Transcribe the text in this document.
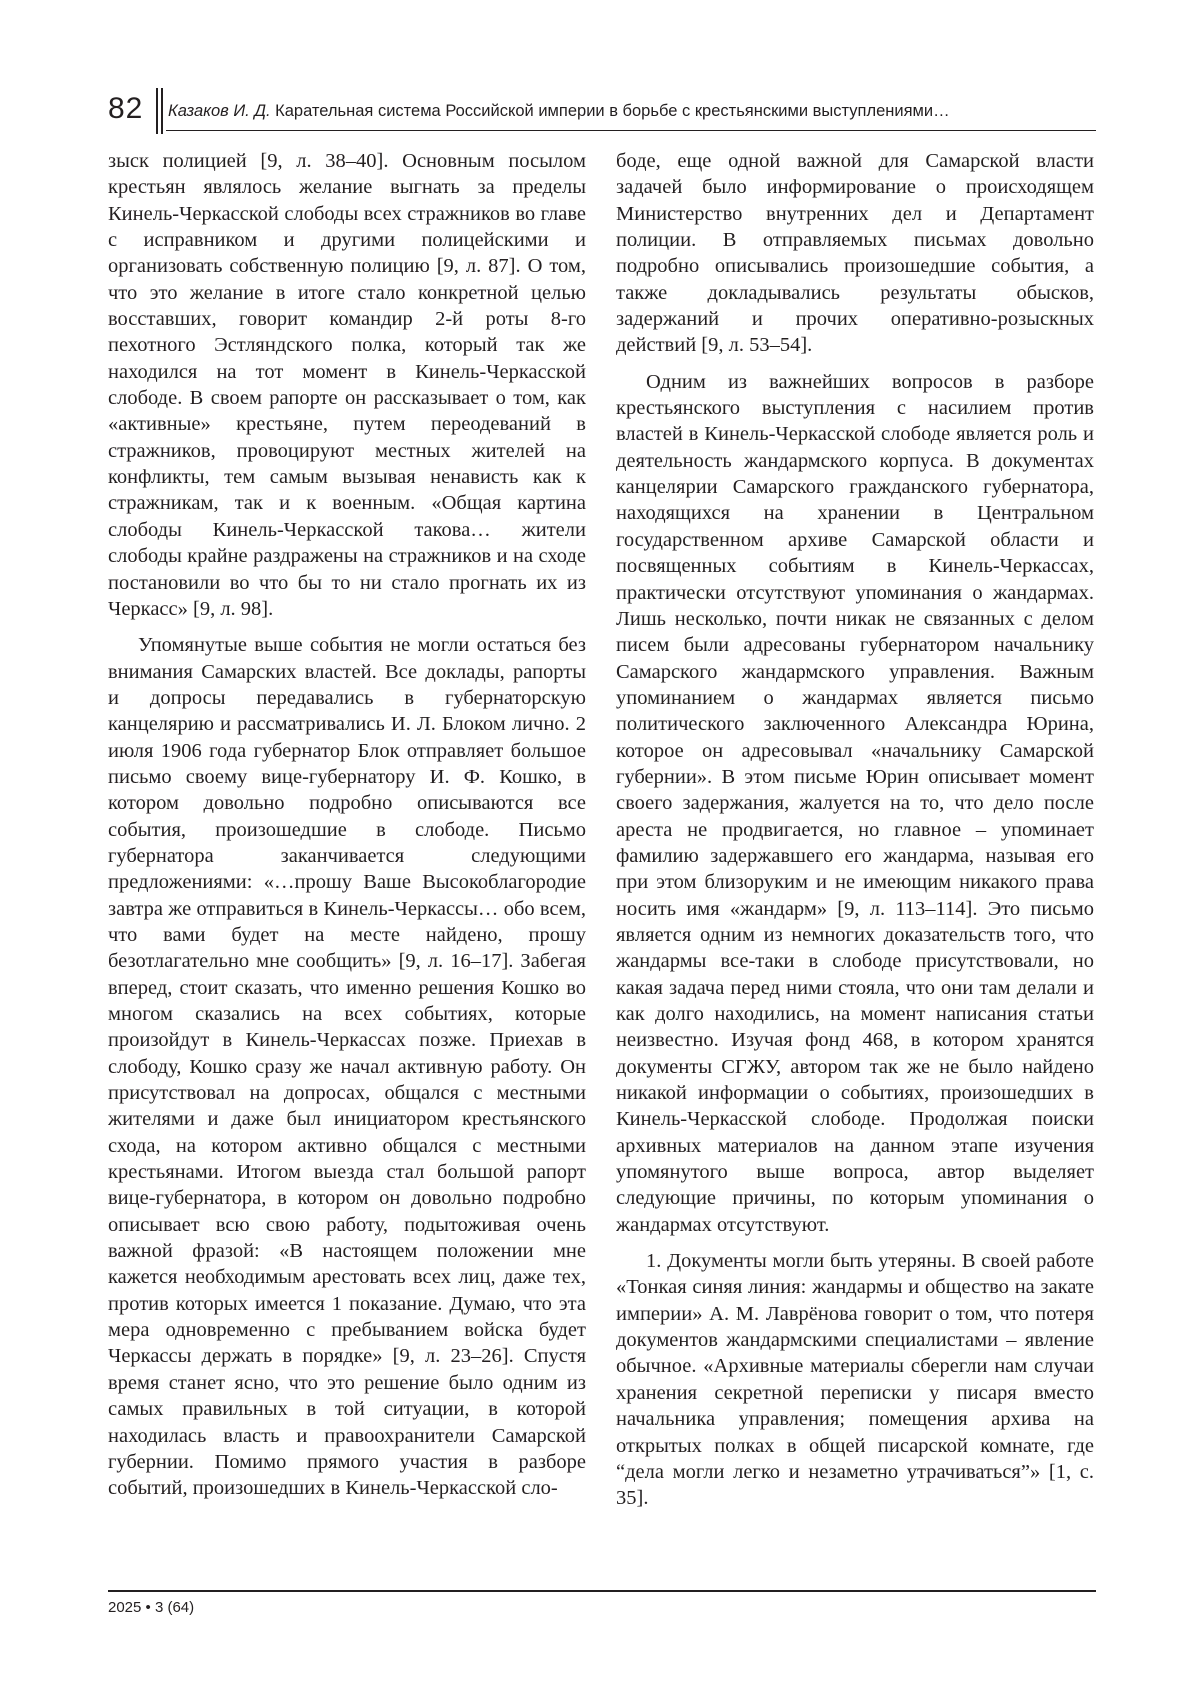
82 Казаков И. Д. Карательная система Российской империи в борьбе с крестьянскими выступлениями…

зыск полицией [9, л. 38–40]. Основным посылом крестьян являлось желание выгнать за пределы Кинель-Черкасской слободы всех стражников во главе с исправником и другими полицейскими и организовать собственную полицию [9, л. 87]. О том, что это желание в итоге стало конкретной целью восставших, говорит командир 2-й роты 8-го пехотного Эстляндского полка, который так же находился на тот момент в Кинель-Черкасской слободе. В своем рапорте он рассказывает о том, как «активные» крестьяне, путем переодеваний в стражников, провоцируют местных жителей на конфликты, тем самым вызывая ненависть как к стражникам, так и к военным. «Общая картина слободы Кинель-Черкасской такова… жители слободы крайне раздражены на стражников и на сходе постановили во что бы то ни стало прогнать их из Черкасс» [9, л. 98].

Упомянутые выше события не могли остаться без внимания Самарских властей. Все доклады, рапорты и допросы передавались в губернаторскую канцелярию и рассматривались И. Л. Блоком лично. 2 июля 1906 года губернатор Блок отправляет большое письмо своему вице-губернатору И. Ф. Кошко, в котором довольно подробно описываются все события, произошедшие в слободе. Письмо губернатора заканчивается следующими предложениями: «…прошу Ваше Высокоблагородие завтра же отправиться в Кинель-Черкассы… обо всем, что вами будет на месте найдено, прошу безотлагательно мне сообщить» [9, л. 16–17]. Забегая вперед, стоит сказать, что именно решения Кошко во многом сказались на всех событиях, которые произойдут в Кинель-Черкассах позже. Приехав в слободу, Кошко сразу же начал активную работу. Он присутствовал на допросах, общался с местными жителями и даже был инициатором крестьянского схода, на котором активно общался с местными крестьянами. Итогом выезда стал большой рапорт вице-губернатора, в котором он довольно подробно описывает всю свою работу, подытоживая очень важной фразой: «В настоящем положении мне кажется необходимым арестовать всех лиц, даже тех, против которых имеется 1 показание. Думаю, что эта мера одновременно с пребыванием войска будет Черкассы держать в порядке» [9, л. 23–26]. Спустя время станет ясно, что это решение было одним из самых правильных в той ситуации, в которой находилась власть и правоохранители Самарской губернии. Помимо прямого участия в разборе событий, произошедших в Кинель-Черкасской сло-

боде, еще одной важной для Самарской власти задачей было информирование о происходящем Министерство внутренних дел и Департамент полиции. В отправляемых письмах довольно подробно описывались произошедшие события, а также докладывались результаты обысков, задержаний и прочих оперативно-розыскных действий [9, л. 53–54].

Одним из важнейших вопросов в разборе крестьянского выступления с насилием против властей в Кинель-Черкасской слободе является роль и деятельность жандармского корпуса. В документах канцелярии Самарского гражданского губернатора, находящихся на хранении в Центральном государственном архиве Самарской области и посвященных событиям в Кинель-Черкассах, практически отсутствуют упоминания о жандармах. Лишь несколько, почти никак не связанных с делом писем были адресованы губернатором начальнику Самарского жандармского управления. Важным упоминанием о жандармах является письмо политического заключенного Александра Юрина, которое он адресовывал «начальнику Самарской губернии». В этом письме Юрин описывает момент своего задержания, жалуется на то, что дело после ареста не продвигается, но главное – упоминает фамилию задержавшего его жандарма, называя его при этом близоруким и не имеющим никакого права носить имя «жандарм» [9, л. 113–114]. Это письмо является одним из немногих доказательств того, что жандармы все-таки в слободе присутствовали, но какая задача перед ними стояла, что они там делали и как долго находились, на момент написания статьи неизвестно. Изучая фонд 468, в котором хранятся документы СГЖУ, автором так же не было найдено никакой информации о событиях, произошедших в Кинель-Черкасской слободе. Продолжая поиски архивных материалов на данном этапе изучения упомянутого выше вопроса, автор выделяет следующие причины, по которым упоминания о жандармах отсутствуют.

1. Документы могли быть утеряны. В своей работе «Тонкая синяя линия: жандармы и общество на закате империи» А. М. Лаврёнова говорит о том, что потеря документов жандармскими специалистами – явление обычное. «Архивные материалы сберегли нам случаи хранения секретной переписки у писаря вместо начальника управления; помещения архива на открытых полках в общей писарской комнате, где “дела могли легко и незаметно утрачиваться”» [1, с. 35].

2025 • 3 (64)
